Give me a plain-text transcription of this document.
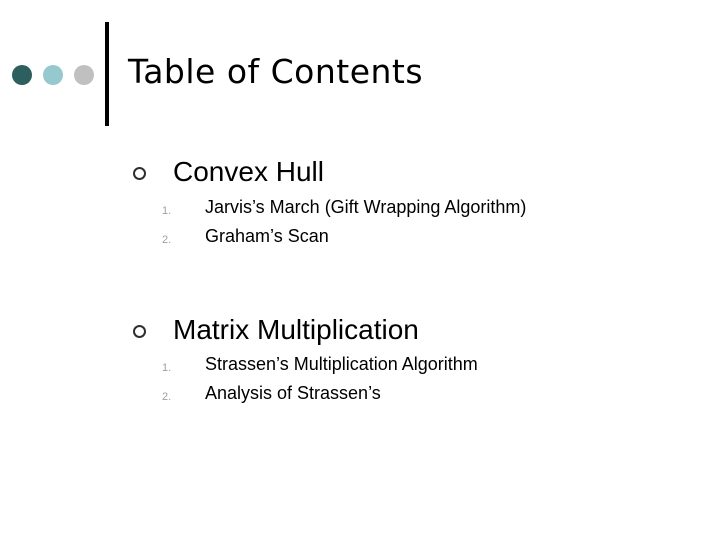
Table of Contents
Convex Hull
1. Jarvis’s March (Gift Wrapping Algorithm)
2. Graham’s Scan
Matrix Multiplication
1. Strassen’s Multiplication Algorithm
2. Analysis of Strassen’s
